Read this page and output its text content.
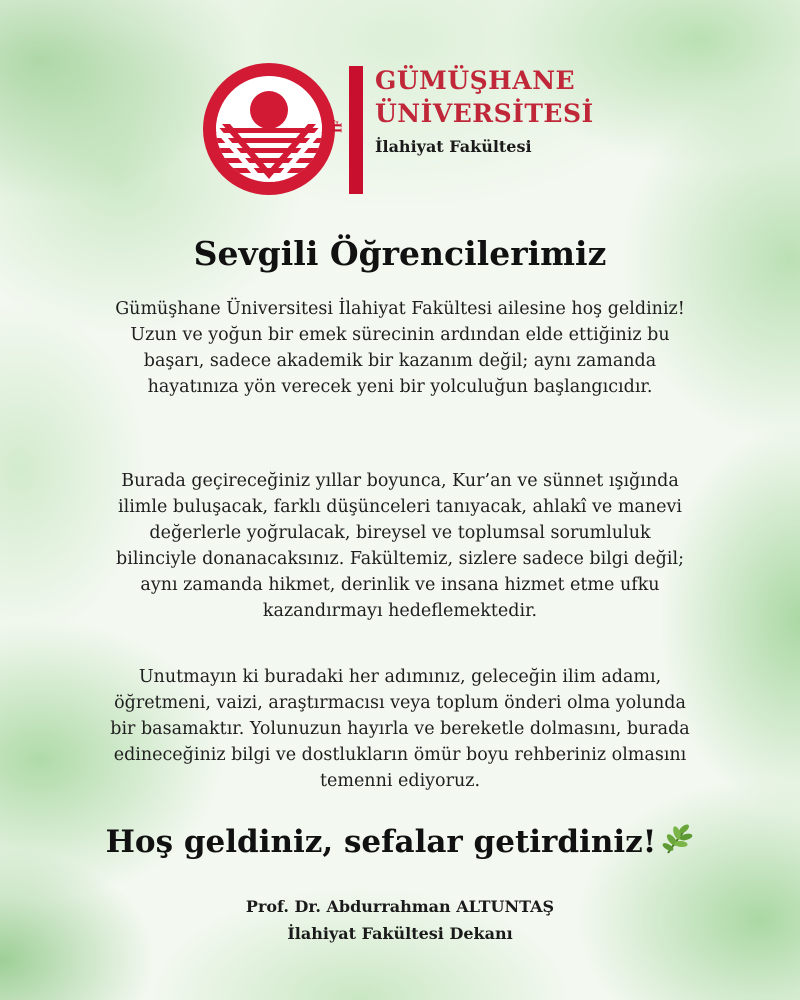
İF
GÜMÜŞHANE
ÜNİVERSİTESİ
İlahiyat Fakültesi
Sevgili Öğrencilerimiz

Gümüşhane Üniversitesi İlahiyat Fakültesi ailesine hoş geldiniz! Uzun ve yoğun bir emek sürecinin ardından elde ettiğiniz bu başarı, sadece akademik bir kazanım değil; aynı zamanda hayatınıza yön verecek yeni bir yolculuğun başlangıcıdır.

Burada geçireceğiniz yıllar boyunca, Kur’an ve sünnet ışığında ilimle buluşacak, farklı düşünceleri tanıyacak, ahlakî ve manevi değerlerle yoğrulacak, bireysel ve toplumsal sorumluluk bilinciyle donanacaksınız. Fakültemiz, sizlere sadece bilgi değil; aynı zamanda hikmet, derinlik ve insana hizmet etme ufku kazandırmayı hedeflemektedir.

Unutmayın ki buradaki her adımınız, geleceğin ilim adamı, öğretmeni, vaizi, araştırmacısı veya toplum önderi olma yolunda bir basamaktır. Yolunuzun hayırla ve bereketle dolmasını, burada edineceğiniz bilgi ve dostlukların ömür boyu rehberiniz olmasını temenni ediyoruz.

Hoş geldiniz, sefalar getirdiniz!
Prof. Dr. Abdurrahman ALTUNTAŞ
İlahiyat Fakültesi Dekanı
